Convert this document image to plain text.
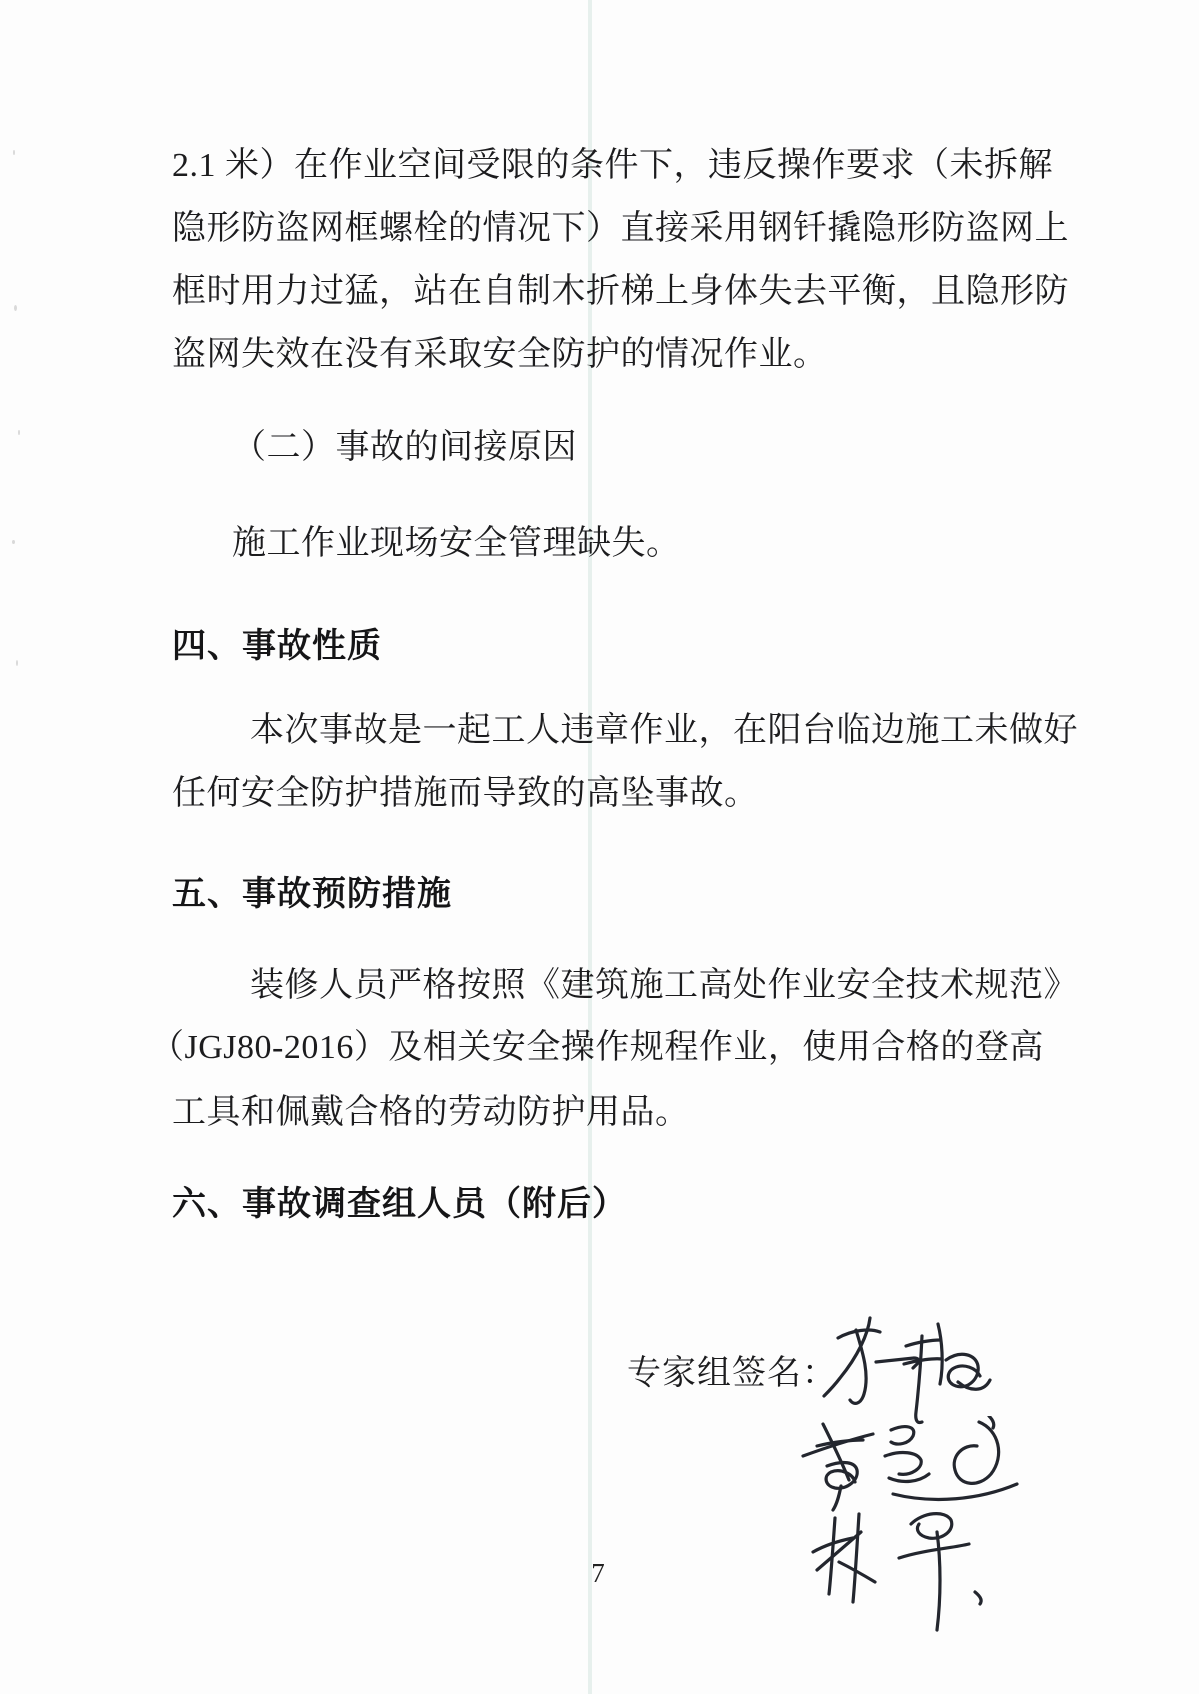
2.1 米）在作业空间受限的条件下，违反操作要求（未拆解
隐形防盗网框螺栓的情况下）直接采用钢钎撬隐形防盗网上
框时用力过猛，站在自制木折梯上身体失去平衡，且隐形防
盗网失效在没有采取安全防护的情况作业。
（二）事故的间接原因
施工作业现场安全管理缺失。
四、事故性质
本次事故是一起工人违章作业，在阳台临边施工未做好
任何安全防护措施而导致的高坠事故。
五、事故预防措施
装修人员严格按照《建筑施工高处作业安全技术规范》
（JGJ80-2016）及相关安全操作规程作业，使用合格的登高
工具和佩戴合格的劳动防护用品。
六、事故调查组人员（附后）
专家组签名：
7
